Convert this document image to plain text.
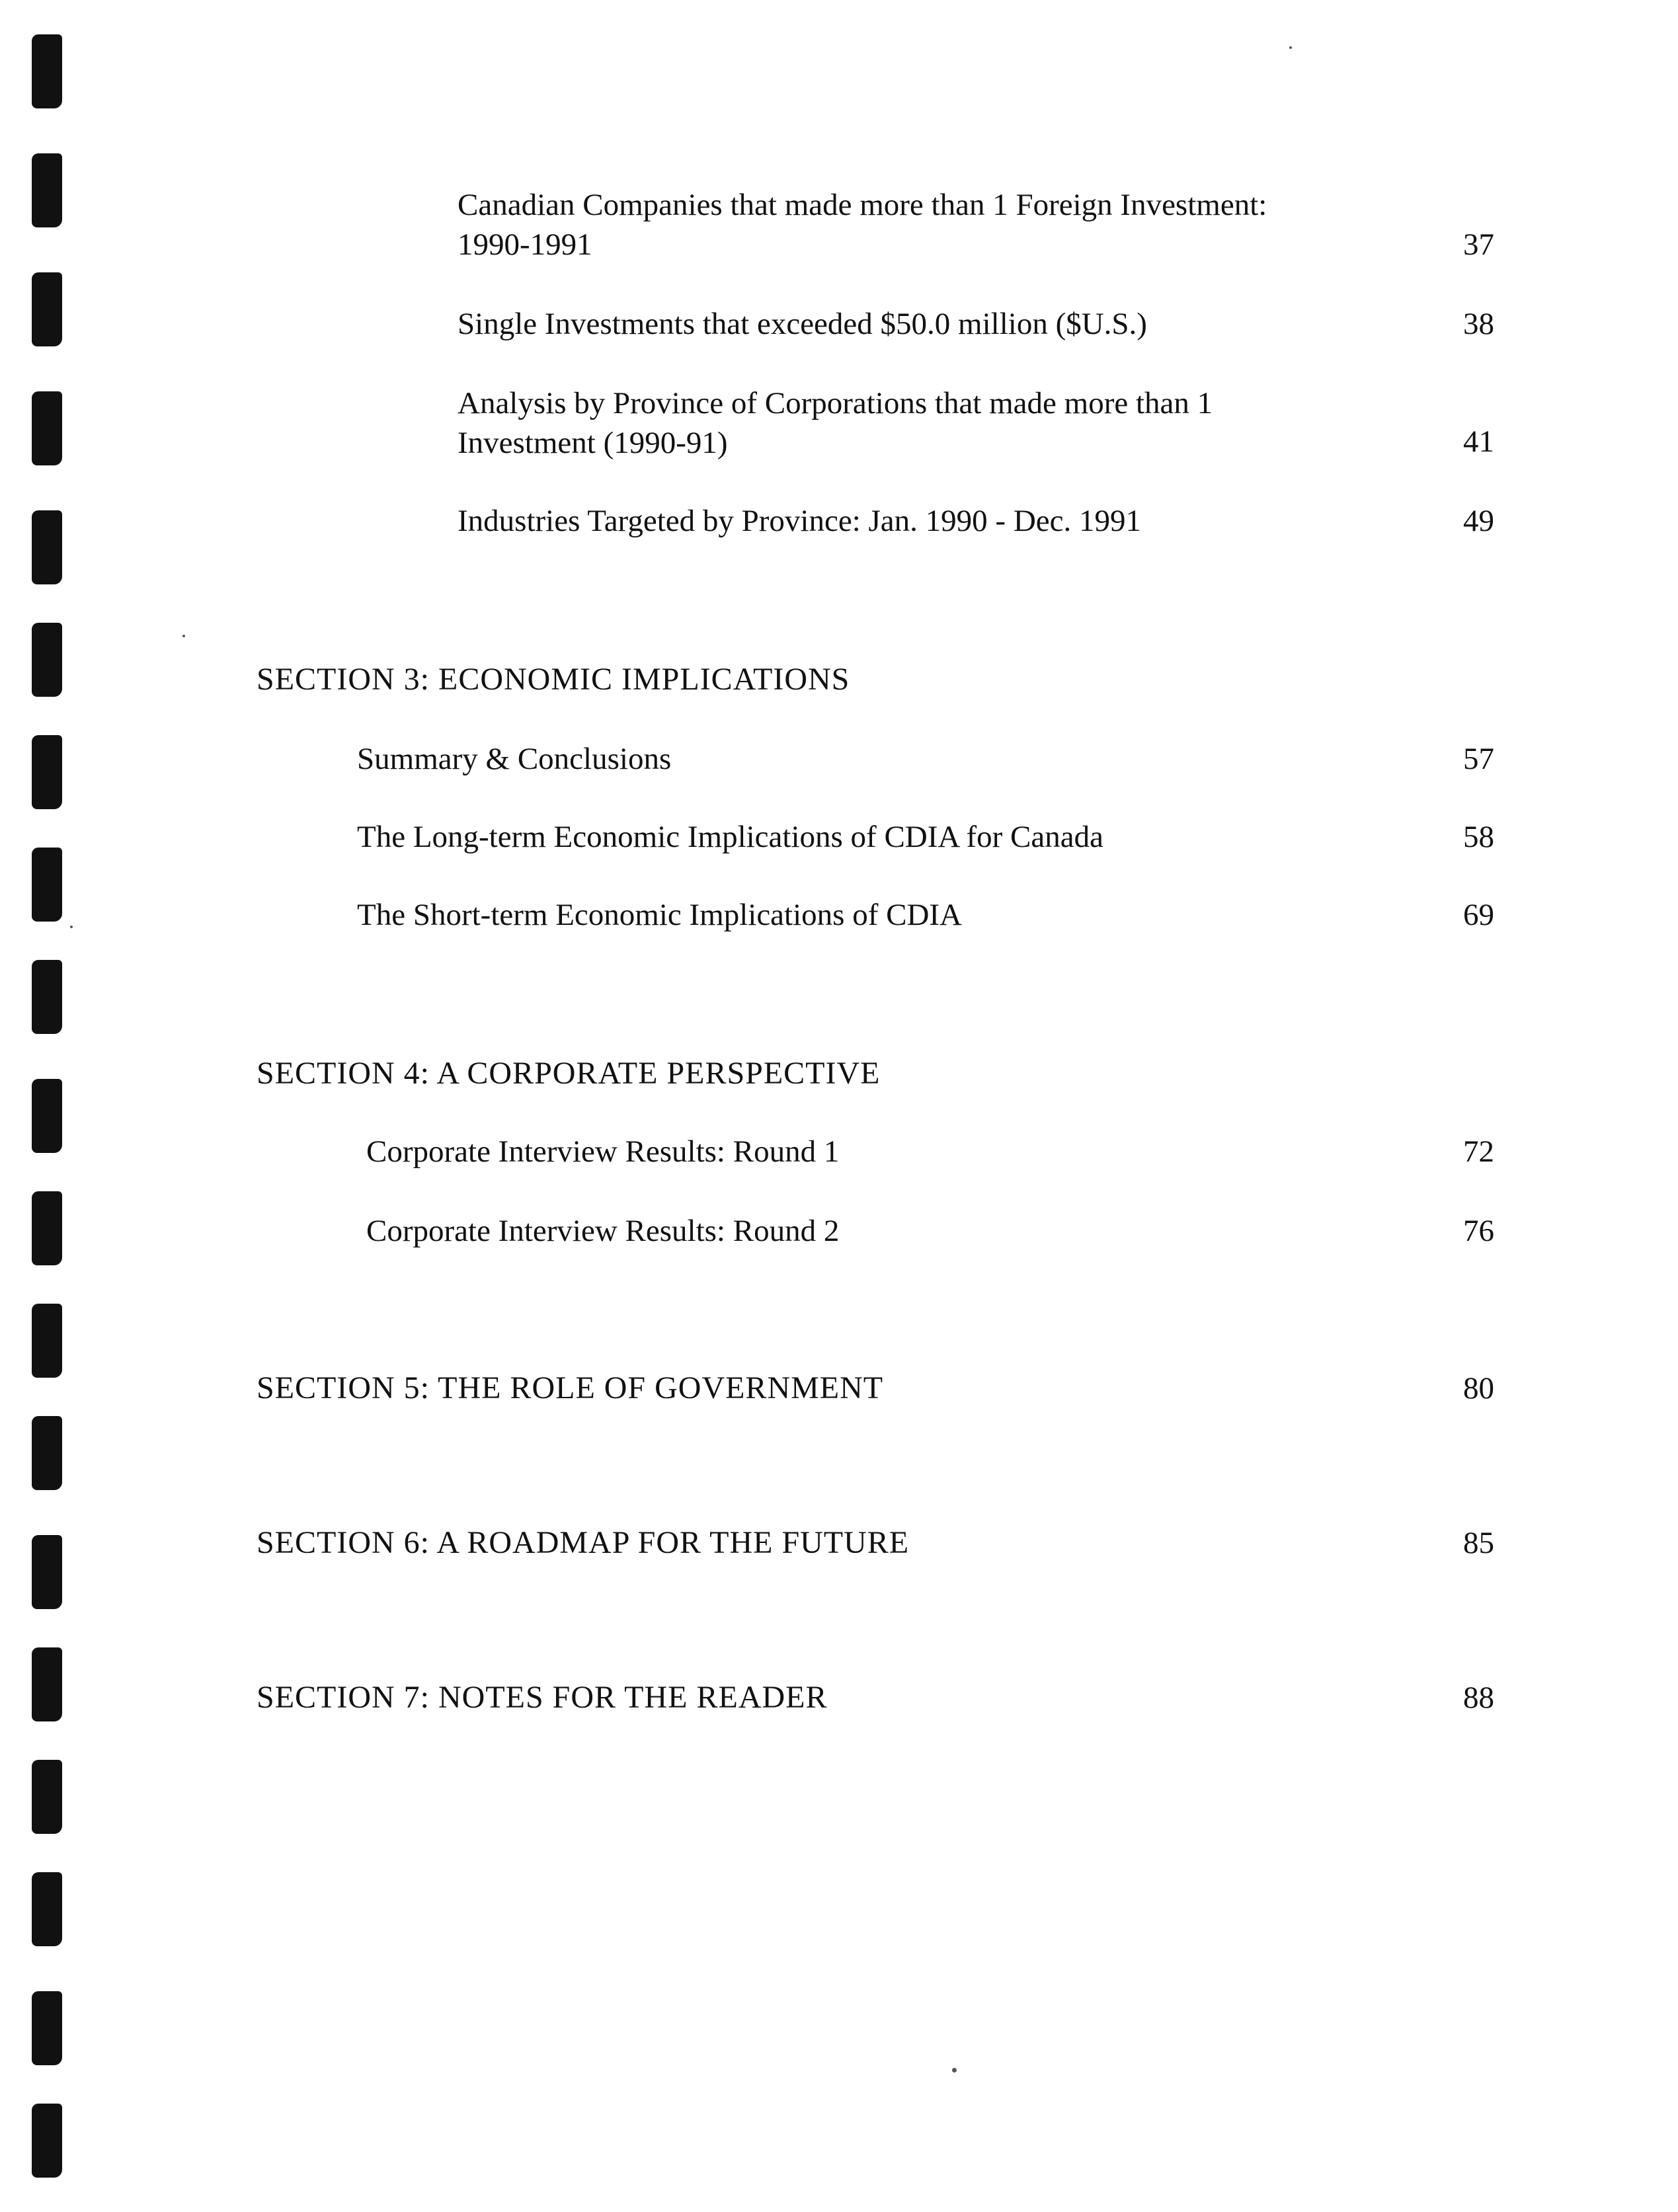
Canadian Companies that made more than 1 Foreign Investment:
1990-1991	37
Single Investments that exceeded $50.0 million ($U.S.)	38
Analysis by Province of Corporations that made more than 1
Investment (1990-91)	41
Industries Targeted by Province: Jan. 1990 - Dec. 1991	49
SECTION 3: ECONOMIC IMPLICATIONS
Summary & Conclusions	57
The Long-term Economic Implications of CDIA for Canada	58
The Short-term Economic Implications of CDIA	69
SECTION 4: A CORPORATE PERSPECTIVE
Corporate Interview Results: Round 1	72
Corporate Interview Results: Round 2	76
SECTION 5: THE ROLE OF GOVERNMENT	80
SECTION 6: A ROADMAP FOR THE FUTURE	85
SECTION 7: NOTES FOR THE READER	88
